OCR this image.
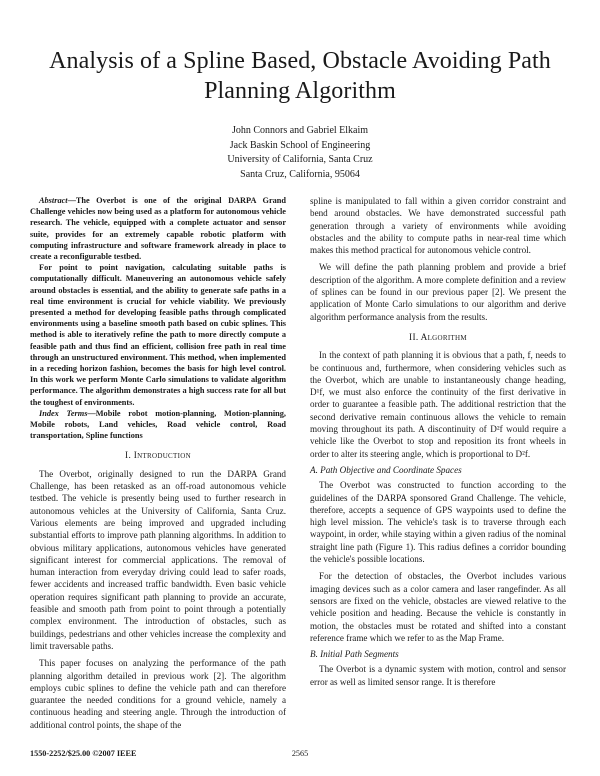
Analysis of a Spline Based, Obstacle Avoiding Path Planning Algorithm
John Connors and Gabriel Elkaim
Jack Baskin School of Engineering
University of California, Santa Cruz
Santa Cruz, California, 95064

Abstract—The Overbot is one of the original DARPA Grand Challenge vehicles now being used as a platform for autonomous vehicle research. The vehicle, equipped with a complete actuator and sensor suite, provides for an extremely capable robotic platform with computing infrastructure and software framework already in place to create a reconfigurable testbed.

For point to point navigation, calculating suitable paths is computationally difficult. Maneuvering an autonomous vehicle safely around obstacles is essential, and the ability to generate safe paths in a real time environment is crucial for vehicle viability. We previously presented a method for developing feasible paths through complicated environments using a baseline smooth path based on cubic splines. This method is able to iteratively refine the path to more directly compute a feasible path and thus find an efficient, collision free path in real time through an unstructured environment. This method, when implemented in a receding horizon fashion, becomes the basis for high level control. In this work we perform Monte Carlo simulations to validate algorithm performance. The algorithm demonstrates a high success rate for all but the toughest of environments.

Index Terms—Mobile robot motion-planning, Motion-planning, Mobile robots, Land vehicles, Road vehicle control, Road transportation, Spline functions

I. Introduction

The Overbot, originally designed to run the DARPA Grand Challenge, has been retasked as an off-road autonomous vehicle testbed. The vehicle is presently being used to further research in autonomous vehicles at the University of California, Santa Cruz. Various elements are being improved and upgraded including substantial efforts to improve path planning algorithms. In addition to obvious military applications, autonomous vehicles have generated significant interest for commercial applications. The removal of human interaction from everyday driving could lead to safer roads, fewer accidents and increased traffic bandwidth. Even basic vehicle operation requires significant path planning to provide an accurate, feasible and smooth path from point to point through a potentially complex environment. The introduction of obstacles, such as buildings, pedestrians and other vehicles increase the complexity and limit traversable paths.

This paper focuses on analyzing the performance of the path planning algorithm detailed in previous work [2]. The algorithm employs cubic splines to define the vehicle path and can therefore guarantee the needed conditions for a ground vehicle, namely a continuous heading and steering angle. Through the introduction of additional control points, the shape of the

spline is manipulated to fall within a given corridor constraint and bend around obstacles. We have demonstrated successful path generation through a variety of environments while avoiding obstacles and the ability to compute paths in near-real time which makes this method practical for autonomous vehicle control.

We will define the path planning problem and provide a brief description of the algorithm. A more complete definition and a review of splines can be found in our previous paper [2]. We present the application of Monte Carlo simulations to our algorithm and derive algorithm performance analysis from the results.

II. Algorithm

In the context of path planning it is obvious that a path, f, needs to be continuous and, furthermore, when considering vehicles such as the Overbot, which are unable to instantaneously change heading, D¹f, we must also enforce the continuity of the first derivative in order to guarantee a feasible path. The additional restriction that the second derivative remain continuous allows the vehicle to remain moving throughout its path. A discontinuity of D²f would require a vehicle like the Overbot to stop and reposition its front wheels in order to alter its steering angle, which is proportional to D²f.

A. Path Objective and Coordinate Spaces

The Overbot was constructed to function according to the guidelines of the DARPA sponsored Grand Challenge. The vehicle, therefore, accepts a sequence of GPS waypoints used to define the high level mission. The vehicle's task is to traverse through each waypoint, in order, while staying within a given radius of the nominal straight line path (Figure 1). This radius defines a corridor bounding the vehicle's possible locations.

For the detection of obstacles, the Overbot includes various imaging devices such as a color camera and laser rangefinder. As all sensors are fixed on the vehicle, obstacles are viewed relative to the vehicle position and heading. Because the vehicle is constantly in motion, the obstacles must be rotated and shifted into a constant reference frame which we refer to as the Map Frame.

B. Initial Path Segments

The Overbot is a dynamic system with motion, control and sensor error as well as limited sensor range. It is therefore

1550-2252/$25.00 ©2007 IEEE	2565
